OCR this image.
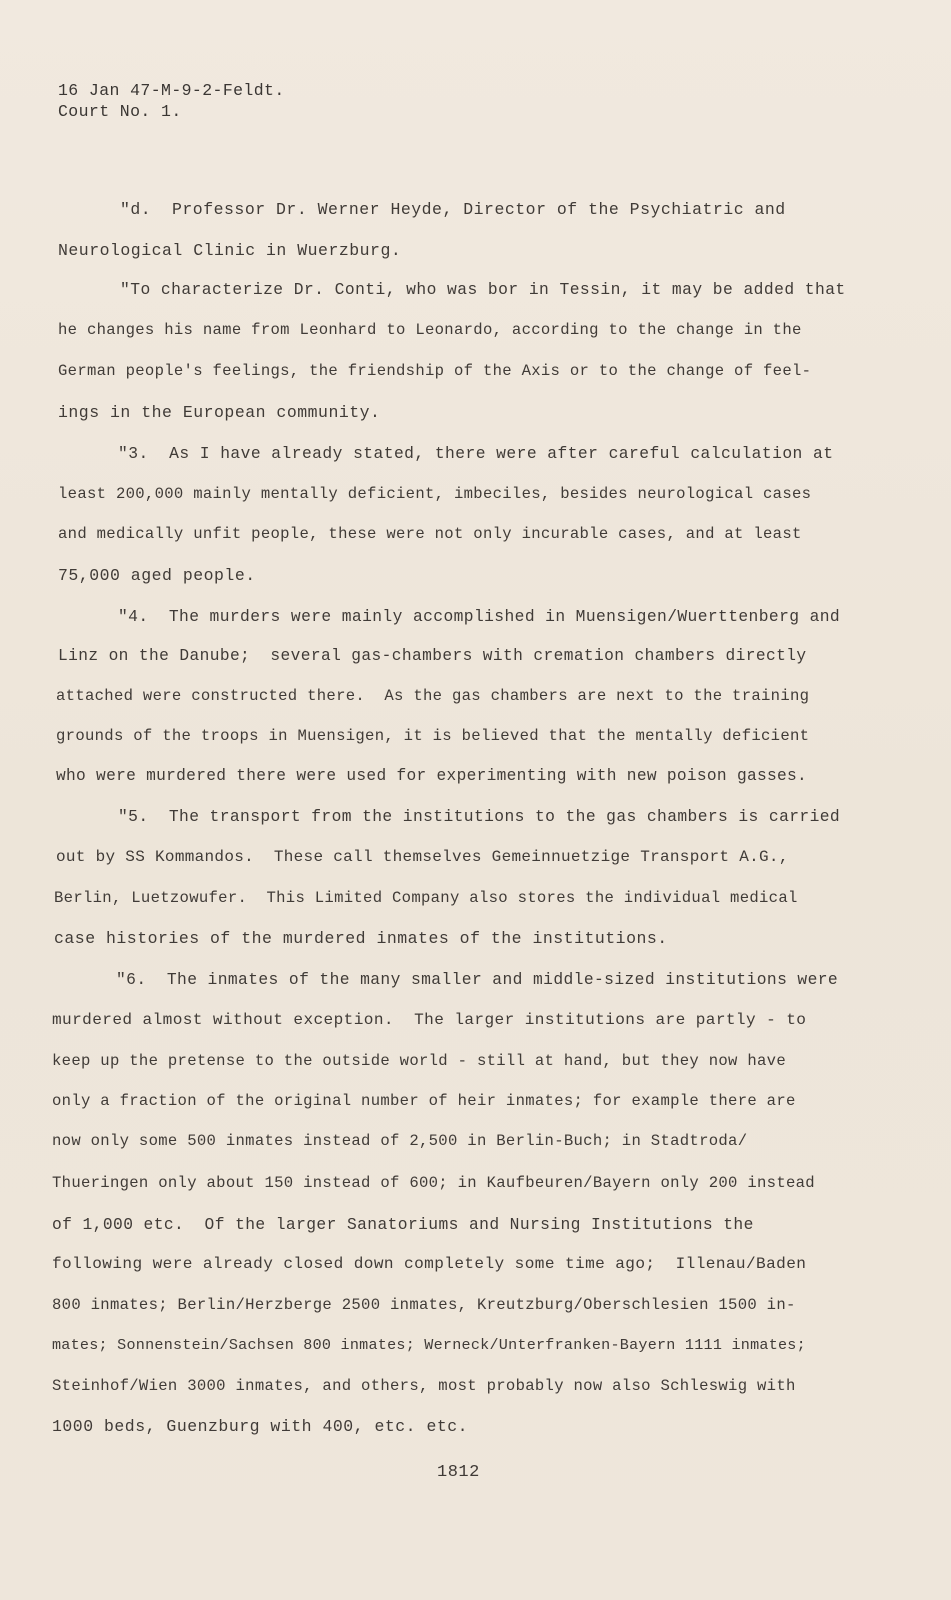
16 Jan 47-M-9-2-Feldt.
Court No. 1.
"d.  Professor Dr. Werner Heyde, Director of the Psychiatric and
Neurological Clinic in Wuerzburg.
"To characterize Dr. Conti, who was bor in Tessin, it may be added that
he changes his name from Leonhard to Leonardo, according to the change in the
German people's feelings, the friendship of the Axis or to the change of feel-
ings in the European community.
"3.  As I have already stated, there were after careful calculation at
least 200,000 mainly mentally deficient, imbeciles, besides neurological cases
and medically unfit people, these were not only incurable cases, and at least
75,000 aged people.
"4.  The murders were mainly accomplished in Muensigen/Wuerttenberg and
Linz on the Danube;  several gas-chambers with cremation chambers directly
attached were constructed there.  As the gas chambers are next to the training
grounds of the troops in Muensigen, it is believed that the mentally deficient
who were murdered there were used for experimenting with new poison gasses.
"5.  The transport from the institutions to the gas chambers is carried
out by SS Kommandos.  These call themselves Gemeinnuetzige Transport A.G.,
Berlin, Luetzowufer.  This Limited Company also stores the individual medical
case histories of the murdered inmates of the institutions.
"6.  The inmates of the many smaller and middle-sized institutions were
murdered almost without exception.  The larger institutions are partly - to
keep up the pretense to the outside world - still at hand, but they now have
only a fraction of the original number of heir inmates; for example there are
now only some 500 inmates instead of 2,500 in Berlin-Buch; in Stadtroda/
Thueringen only about 150 instead of 600; in Kaufbeuren/Bayern only 200 instead
of 1,000 etc.  Of the larger Sanatoriums and Nursing Institutions the
following were already closed down completely some time ago;  Illenau/Baden
800 inmates; Berlin/Herzberge 2500 inmates, Kreutzburg/Oberschlesien 1500 in-
mates; Sonnenstein/Sachsen 800 inmates; Werneck/Unterfranken-Bayern 1111 inmates;
Steinhof/Wien 3000 inmates, and others, most probably now also Schleswig with
1000 beds, Guenzburg with 400, etc. etc.
1812
